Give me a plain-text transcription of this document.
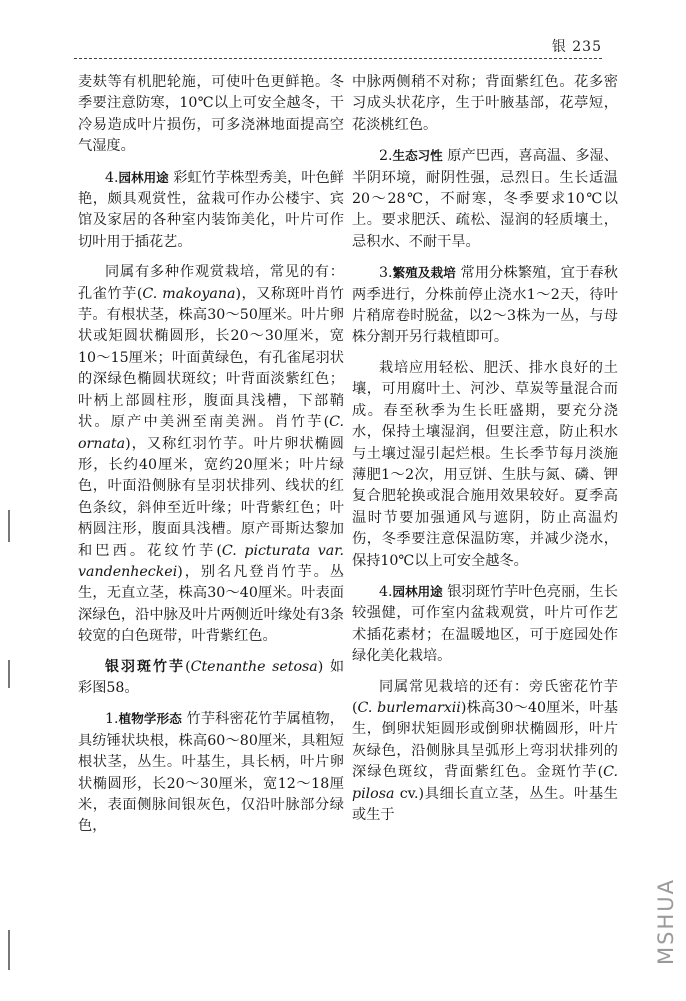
银 235

麦麸等有机肥轮施，可使叶色更鲜艳。冬季要注意防寒，10℃以上可安全越冬，干冷易造成叶片损伤，可多浇淋地面提高空气湿度。

4.园林用途 彩虹竹芋株型秀美，叶色鲜艳，颇具观赏性，盆栽可作办公楼宇、宾馆及家居的各种室内装饰美化，叶片可作切叶用于插花艺。

同属有多种作观赏栽培，常见的有：孔雀竹芋(C. makoyana)，又称斑叶肖竹芋。有根状茎，株高30～50厘米。叶片卵状或矩圆状椭圆形，长20～30厘米，宽10～15厘米；叶面黄绿色，有孔雀尾羽状的深绿色椭圆状斑纹；叶背面淡紫红色；叶柄上部圆柱形，腹面具浅槽，下部鞘状。原产中美洲至南美洲。肖竹芋(C. ornata)，又称红羽竹芋。叶片卵状椭圆形，长约40厘米，宽约20厘米；叶片绿色，叶面沿侧脉有呈羽状排列、线状的红色条纹，斜伸至近叶缘；叶背紫红色；叶柄圆注形，腹面具浅槽。原产哥斯达黎加和巴西。花纹竹芋(C. picturata var. vandenheckei)，别名凡登肖竹芋。丛生，无直立茎，株高30～40厘米。叶表面深绿色，沿中脉及叶片两侧近叶缘处有3条较宽的白色斑带，叶背紫红色。

银羽斑竹芋(Ctenanthe setosa) 如彩图58。

1.植物学形态 竹芋科密花竹芋属植物，具纺锤状块根，株高60～80厘米，具粗短根状茎，丛生。叶基生，具长柄，叶片卵状椭圆形，长20～30厘米，宽12～18厘米，表面侧脉间银灰色，仅沿叶脉部分绿色，

中脉两侧稍不对称；背面紫红色。花多密习成头状花序，生于叶腋基部，花葶短，花淡桃红色。

2.生态习性 原产巴西，喜高温、多湿、半阴环境，耐阴性强，忌烈日。生长适温20～28℃，不耐寒，冬季要求10℃以上。要求肥沃、疏松、湿润的轻质壤土，忌积水、不耐干旱。

3.繁殖及栽培 常用分株繁殖，宜于春秋两季进行，分株前停止浇水1～2天，待叶片稍席卷时脱盆，以2～3株为一丛，与母株分割开另行栽植即可。

栽培应用轻松、肥沃、排水良好的土壤，可用腐叶土、河沙、草炭等量混合而成。春至秋季为生长旺盛期，要充分浇水，保持土壤湿润，但要注意，防止积水与土壤过湿引起烂根。生长季节每月淡施薄肥1～2次，用豆饼、生肤与氮、磷、钾复合肥轮换或混合施用效果较好。夏季高温时节要加强通风与遮阴，防止高温灼伤，冬季要注意保温防寒，并减少浇水，保持10℃以上可安全越冬。

4.园林用途 银羽斑竹芋叶色亮丽，生长较强健，可作室内盆栽观赏，叶片可作艺术插花素材；在温暖地区，可于庭园处作绿化美化栽培。

同属常见栽培的还有：旁氏密花竹芋(C. burlemarxii)株高30～40厘米，叶基生，倒卵状矩圆形或倒卵状椭圆形，叶片灰绿色，沿侧脉具呈弧形上弯羽状排列的深绿色斑纹，背面紫红色。金斑竹芋(C. pilosa cv.)具细长直立茎，丛生。叶基生或生于

MSHUA
